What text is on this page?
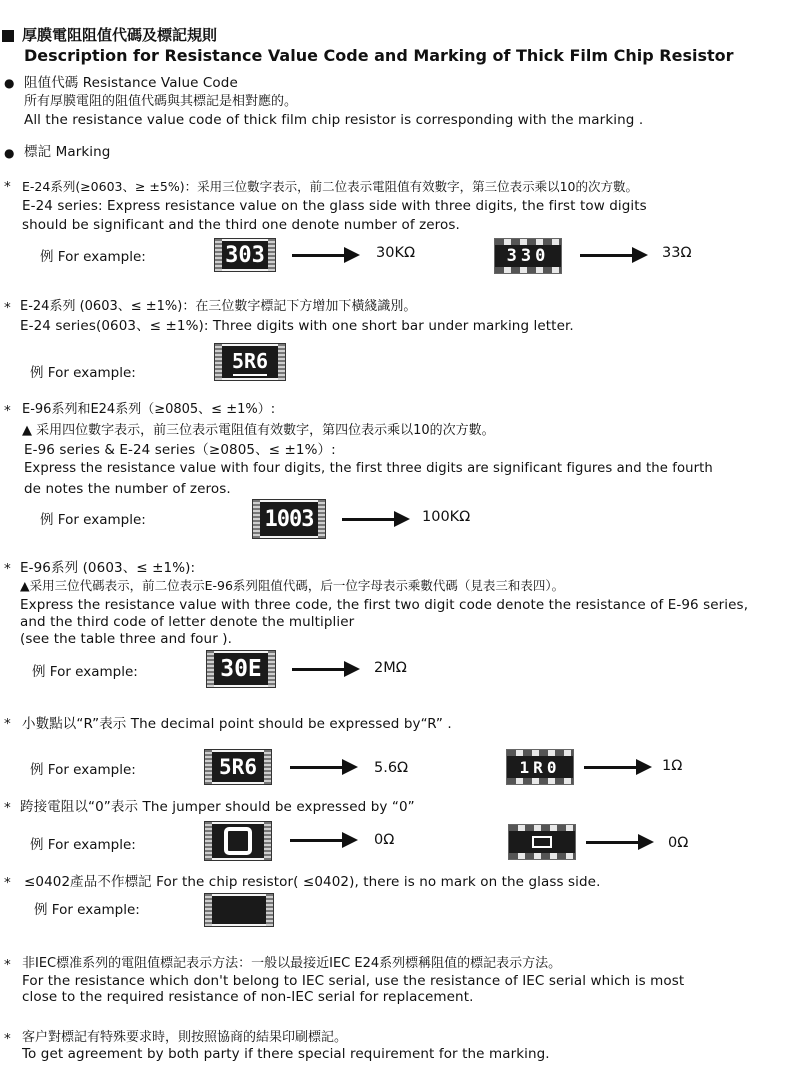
厚膜電阻阻值代碼及標記規則
Description for Resistance Value Code and Marking of Thick Film Chip Resistor
● 阻值代碼 Resistance Value Code
所有厚膜電阻的阻值代碼與其標記是相對應的。
All the resistance value code of thick film chip resistor is corresponding with the marking .
● 標記 Marking
* E-24系列(≥0603、≥ ±5%)：采用三位數字表示，前二位表示電阻值有效數字，第三位表示乘以10的次方數。
E-24 series: Express resistance value on the glass side with three digits, the first tow digits
should be significant and the third one denote number of zeros.
例 For example:	303	30KΩ	330	33Ω
* E-24系列 (0603、≤ ±1%)：在三位數字標記下方增加下橫綫識別。
E-24 series(0603、≤ ±1%): Three digits with one short bar under marking letter.
例 For example:
5R6
* E-96系列和E24系列（≥0805、≤ ±1%）:
▲ 采用四位數字表示，前三位表示電阻值有效數字，第四位表示乘以10的次方數。
E-96 series & E-24 series（≥0805、≤ ±1%）:
Express the resistance value with four digits, the first three digits are significant figures and the fourth
de notes the number of zeros.
例 For example:	1003	100KΩ
* E-96系列 (0603、≤ ±1%):
▲采用三位代碼表示，前二位表示E-96系列阻值代碼，后一位字母表示乘數代碼（見表三和表四）。
Express the resistance value with three code, the first two digit code denote the resistance of E-96 series,
and the third code of letter denote the multiplier
(see the table three and four ).
例 For example:	30E	2MΩ
* 小數點以“R”表示 The decimal point should be expressed by“R” .
例 For example:	5R6	5.6Ω	1R0	1Ω
* 跨接電阻以“0”表示 The jumper should be expressed by “0”
例 For example:	0Ω	0Ω
* ≤0402產品不作標記 For the chip resistor( ≤0402), there is no mark on the glass side.
例 For example:
* 非IEC標准系列的電阻值標記表示方法：一般以最接近IEC E24系列標稱阻值的標記表示方法。
For the resistance which don't belong to IEC serial, use the resistance of IEC serial which is most
close to the required resistance of non-IEC serial for replacement.
* 客户對標記有特殊要求時，則按照協商的結果印刷標記。
To get agreement by both party if there special requirement for the marking.
